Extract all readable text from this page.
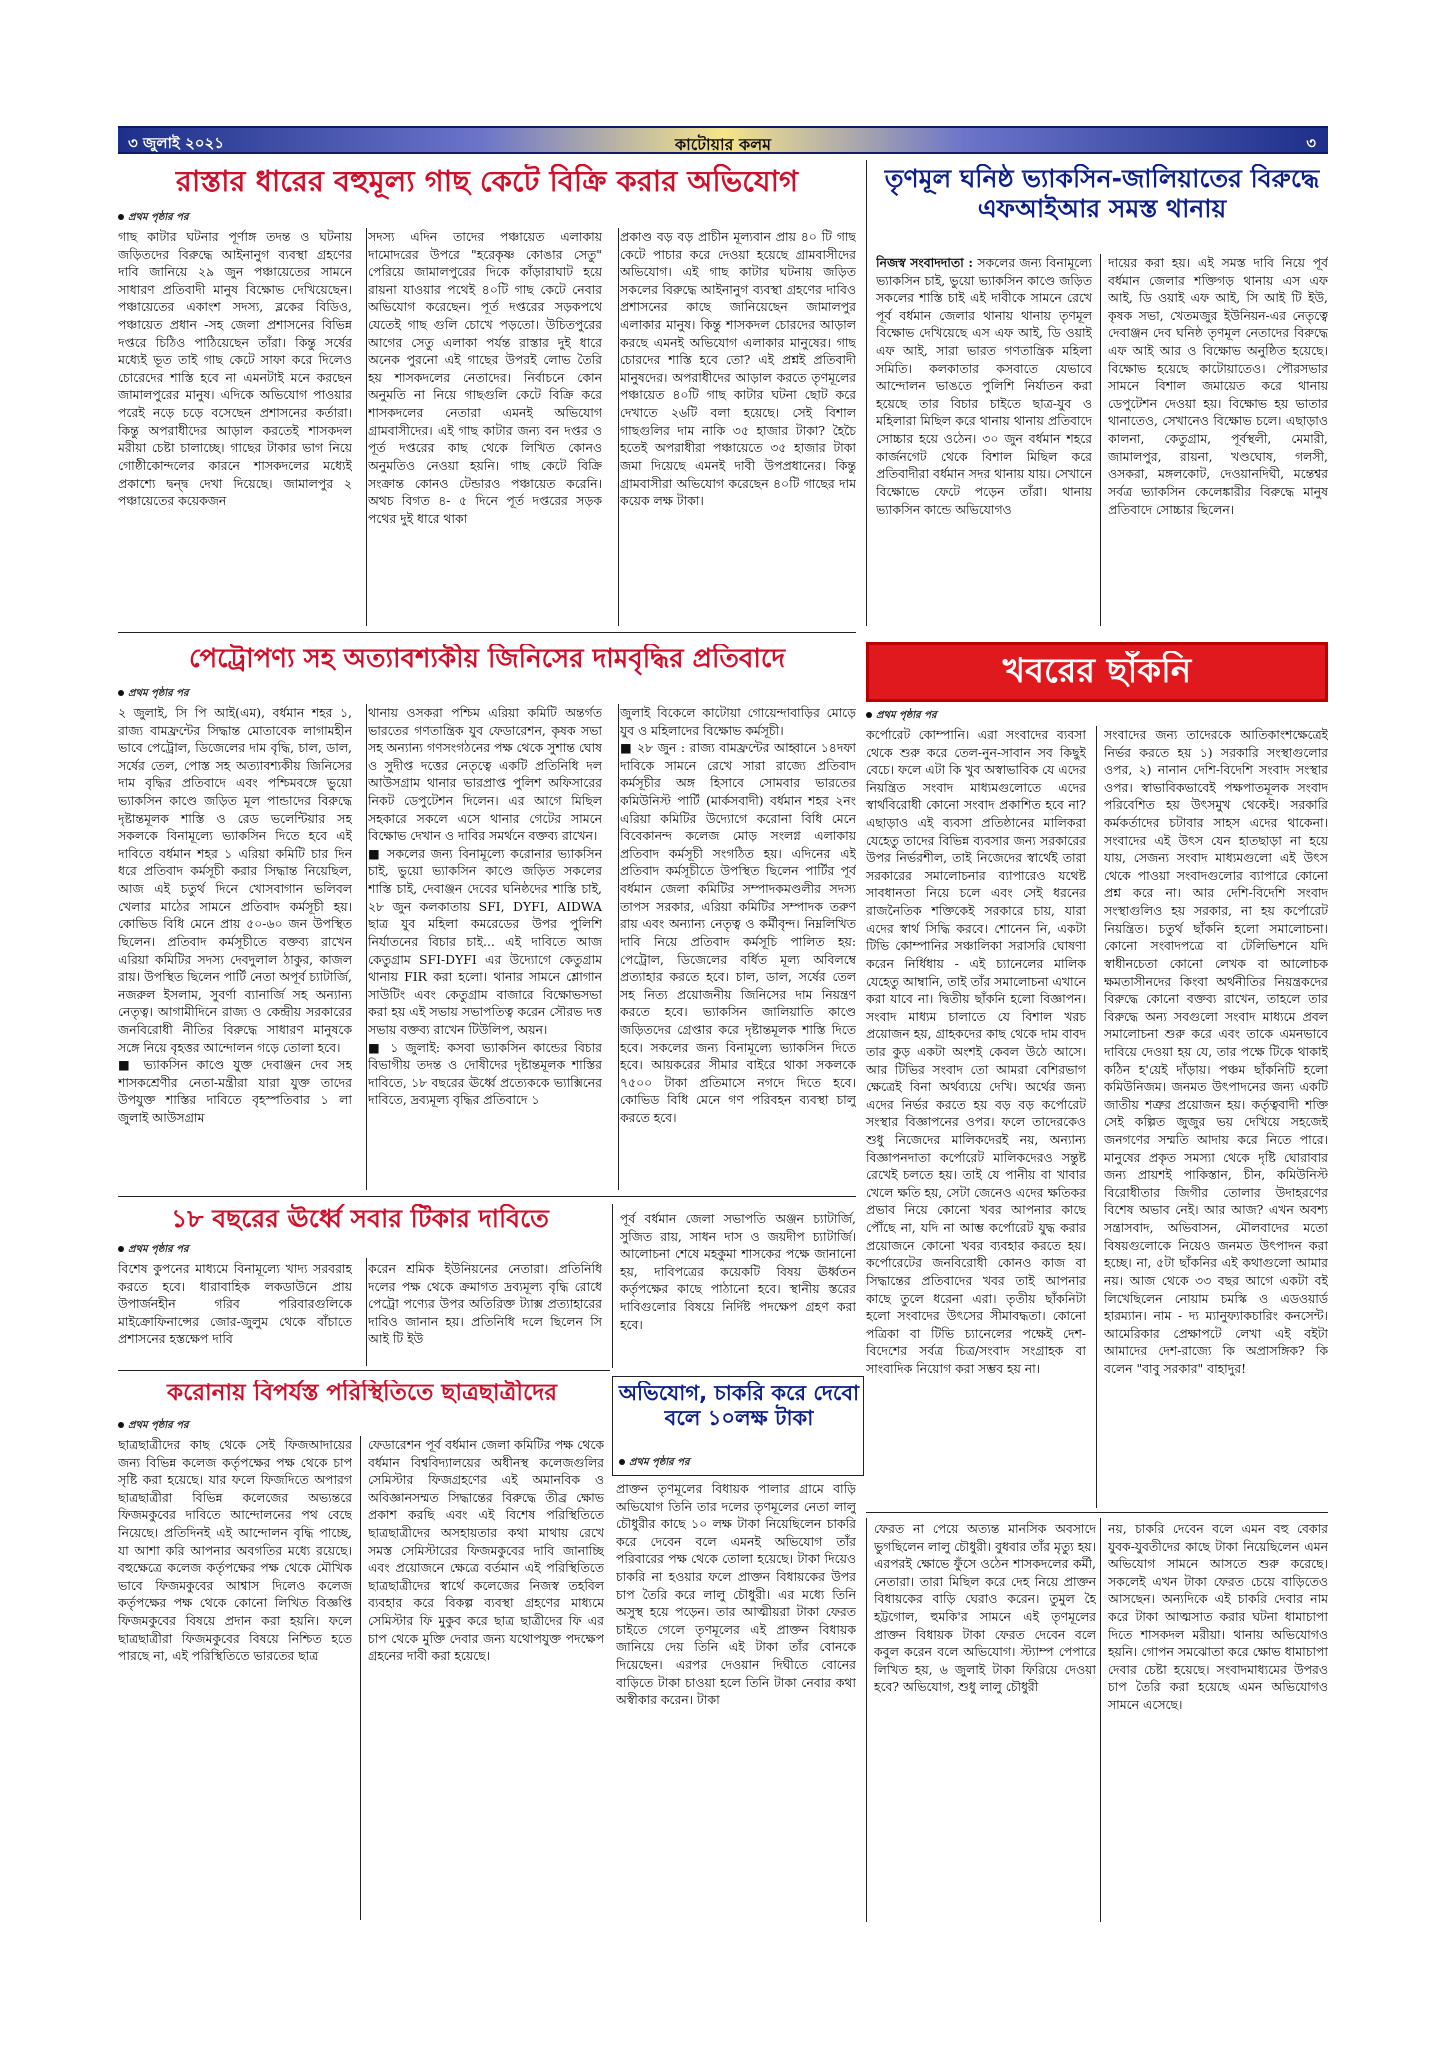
কাটোয়ার কলম
৩ জুলাই ২০২১	৩
রাস্তার ধারের বহুমূল্য গাছ কেটে বিক্রি করার অভিযোগ
প্রথম পৃষ্ঠার পর
গাছ কাটার ঘটনার পূর্ণাঙ্গ তদন্ত ও ঘটনায় জড়িতদের বিরুদ্ধে আইনানুগ ব্যবস্থা গ্রহণের দাবি জানিয়ে ২৯ জুন পঞ্চায়েতের সামনে সাধারণ প্রতিবাদী মানুষ বিক্ষোভ দেখিয়েছেন। পঞ্চায়েতের একাংশ সদস্য, ব্লকের বিডিও, পঞ্চায়েত প্রধান -সহ জেলা প্রশাসনের বিভিন্ন দপ্তরে চিঠিও পাঠিয়েছেন তাঁরা। কিন্তু সর্ষের মধ্যেই ভূত তাই গাছ কেটে সাফা করে দিলেও চোরেদের শাস্তি হবে না এমনটাই মনে করছেন জামালপুরের মানুষ। এদিকে অভিযোগ পাওয়ার পরেই নড়ে চড়ে বসেছেন প্রশাসনের কর্তারা। কিন্তু অপরাধীদের আড়াল করতেই শাসকদল মরীয়া চেষ্টা চালাচ্ছে। গাছের টাকার ভাগ নিয়ে গোষ্ঠীকোন্দলের কারনে শাসকদলের মধ্যেই প্রকাশ্যে দ্বন্দ্ব দেখা দিয়েছে। জামালপুর ২ পঞ্চায়েতের কয়েকজন
সদস্য এদিন তাদের পঞ্চায়েত এলাকায় দামোদরের উপরে "হরেকৃষ্ণ কোঙার সেতু" পেরিয়ে জামালপুরের দিকে কাঁড়ারাঘাট হয়ে রায়না যাওয়ার পথেই ৪০টি গাছ কেটে নেবার অভিযোগ করেছেন। পূর্ত দপ্তরের সড়কপথে যেতেই গাছ গুলি চোখে পড়তো। উচিতপুরের আগের সেতু এলাকা পর্যন্ত রাস্তার দুই ধারে অনেক পুরনো এই গাছের উপরই লোভ তৈরি হয় শাসকদলের নেতাদের। নির্বাচনে কোন অনুমতি না নিয়ে গাছগুলি কেটে বিক্রি করে শাসকদলের নেতারা এমনই অভিযোগ গ্রামবাসীদের। এই গাছ কাটার জন্য বন দপ্তর ও পূর্ত দপ্তরের কাছ থেকে লিখিত কোনও অনুমতিও নেওয়া হয়নি। গাছ কেটে বিক্রি সংক্রান্ত কোনও টেন্ডারও পঞ্চায়েত করেনি। অথচ বিগত ৪- ৫ দিনে পূর্ত দপ্তরের সড়ক পথের দুই ধারে থাকা
প্রকাণ্ড বড় বড় প্রাচীন মূল্যবান প্রায় ৪০ টি গাছ কেটে পাচার করে দেওয়া হয়েছে গ্রামবাসীদের অভিযোগ। এই গাছ কাটার ঘটনায় জড়িত সকলের বিরুদ্ধে আইনানুগ ব্যবস্থা গ্রহণের দাবিও প্রশাসনের কাছে জানিয়েছেন জামালপুর এলাকার মানুষ। কিন্তু শাসকদল চোরদের আড়াল করছে এমনই অভিযোগ এলাকার মানুষের। গাছ চোরদের শাস্তি হবে তো? এই প্রশ্নই প্রতিবাদী মানুষদের। অপরাধীদের আড়াল করতে তৃণমূলের পঞ্চায়েত ৪০টি গাছ কাটার ঘটনা ছোট করে দেখাতে ২৬টি বলা হয়েছে। সেই বিশাল গাছগুলির দাম নাকি ৩৫ হাজার টাকা? হৈচৈ হতেই অপরাধীরা পঞ্চায়েতে ৩৫ হাজার টাকা জমা দিয়েছে এমনই দাবী উপপ্রধানের। কিন্তু গ্রামবাসীরা অভিযোগ করেছেন ৪০টি গাছের দাম কয়েক লক্ষ টাকা।
তৃণমূল ঘনিষ্ঠ ভ্যাকসিন-জালিয়াতের বিরুদ্ধে এফআইআর সমস্ত থানায়
নিজস্ব সংবাদদাতা : সকলের জন্য বিনামূল্যে ভ্যাকসিন চাই, ভুয়ো ভ্যাকসিন কাণ্ডে জড়িত সকলের শাস্তি চাই এই দাবীকে সামনে রেখে পূর্ব বর্ধমান জেলার থানায় থানায় তৃণমূল বিক্ষোভ দেখিয়েছে এস এফ আই, ডি ওয়াই এফ আই, সারা ভারত গণতান্ত্রিক মহিলা সমিতি। কলকাতার কসবাতে যেভাবে আন্দোলন ভাঙতে পুলিশি নির্যাতন করা হয়েছে তার বিচার চাইতে ছাত্র-যুব ও মহিলারা মিছিল করে থানায় থানায় প্রতিবাদে সোচ্চার হয়ে ওঠেন। ৩০ জুন বর্ধমান শহরে কার্জনগেট থেকে বিশাল মিছিল করে প্রতিবাদীরা বর্ধমান সদর থানায় যায়। সেখানে বিক্ষোভে ফেটে পড়েন তাঁরা। থানায় ভ্যাকসিন কান্ডে অভিযোগও
দায়ের করা হয়। এই সমস্ত দাবি নিয়ে পূর্ব বর্ধমান জেলার শক্তিগড় থানায় এস এফ আই, ডি ওয়াই এফ আই, সি আই টি ইউ, কৃষক সভা, খেতমজুর ইউনিয়ন-এর নেতৃত্বে দেবাঞ্জন দেব ঘনিষ্ঠ তৃণমূল নেতাদের বিরুদ্ধে এফ আই আর ও বিক্ষোভ অনুষ্ঠিত হয়েছে। বিক্ষোভ হয়েছে কাটোয়াতেও। পৌরসভার সামনে বিশাল জমায়েত করে থানায় ডেপুটেশন দেওয়া হয়। বিক্ষোভ হয় ভাতার থানাতেও, সেখানেও বিক্ষোভ চলে। এছাড়াও কালনা, কেতুগ্রাম, পূর্বস্থলী, মেমারী, জামালপুর, রায়না, খণ্ডঘোষ, গলসী, ওসকরা, মঙ্গলকোট, দেওয়ানদিঘী, মন্তেশ্বর সর্বত্র ভ্যাকসিন কেলেঙ্কারীর বিরুদ্ধে মানুষ প্রতিবাদে সোচ্চার ছিলেন।
পেট্রোপণ্য সহ অত্যাবশ্যকীয় জিনিসের দামবৃদ্ধির প্রতিবাদে
প্রথম পৃষ্ঠার পর

২ জুলাই, সি পি আই(এম), বর্ধমান শহর ১, রাজ্য বামফ্রন্টের সিদ্ধান্ত মোতাবেক লাগামহীন ভাবে পেট্রোল, ডিজেলের দাম বৃদ্ধি, চাল, ডাল, সর্ষের তেল, পোস্ত সহ অত্যাবশ্যকীয় জিনিসের দাম বৃদ্ধির প্রতিবাদে এবং পশ্চিমবঙ্গে ভুয়ো ভ্যাকসিন কাণ্ডে জড়িত মূল পান্ডাদের বিরুদ্ধে দৃষ্টান্তমূলক শাস্তি ও রেড ভলেন্টিয়ার সহ সকলকে বিনামূল্যে ভ্যাকসিন দিতে হবে এই দাবিতে বর্ধমান শহর ১ এরিয়া কমিটি চার দিন ধরে প্রতিবাদ কর্মসূচী করার সিদ্ধান্ত নিয়েছিল, আজ এই চতুর্থ দিনে খোসবাগান ভলিবল খেলার মাঠের সামনে প্রতিবাদ কর্মসূচী হয়। কোভিড বিধি মেনে প্রায় ৫০-৬০ জন উপস্থিত ছিলেন। প্রতিবাদ কর্মসূচীতে বক্তব্য রাখেন এরিয়া কমিটির সদস্য দেবদুলাল ঠাকুর, কাজল রায়। উপস্থিত ছিলেন পার্টি নেতা অপূর্ব চ্যাটার্জি, নজরুল ইসলাম, সুবর্ণা ব্যানার্জি সহ অন্যান্য নেতৃত্ব। আগামীদিনে রাজ্য ও কেন্দ্রীয় সরকারের জনবিরোধী নীতির বিরুদ্ধে সাধারণ মানুষকে সঙ্গে নিয়ে বৃহত্তর আন্দোলন গড়ে তোলা হবে।

■ ভ্যাকসিন কাণ্ডে যুক্ত দেবাঞ্জন দেব সহ শাসকশ্রেণীর নেতা-মন্ত্রীরা যারা যুক্ত তাদের উপযুক্ত শাস্তির দাবিতে বৃহস্পতিবার ১ লা জুলাই আউসগ্রাম

থানায় ওসকরা পশ্চিম এরিয়া কমিটি অন্তর্গত ভারতের গণতান্ত্রিক যুব ফেডারেশন, কৃষক সভা সহ অন্যান্য গণসংগঠনের পক্ষ থেকে সুশান্ত ঘোষ ও সুদীপ্ত দত্তের নেতৃত্বে একটি প্রতিনিধি দল আউসগ্রাম থানার ভারপ্রাপ্ত পুলিশ অফিসারের নিকট ডেপুটেশন দিলেন। এর আগে মিছিল সহকারে সকলে এসে থানার গেটের সামনে বিক্ষোভ দেখান ও দাবির সমর্থনে বক্তব্য রাখেন।

■ সকলের জন্য বিনামূল্যে করোনার ভ্যাকসিন চাই, ভুয়ো ভ্যাকসিন কাণ্ডে জড়িত সকলের শাস্তি চাই, দেবাঞ্জন দেবের ঘনিষ্ঠদের শাস্তি চাই, ২৮ জুন কলকাতায় SFI, DYFI, AIDWA ছাত্র যুব মহিলা কমরেডের উপর পুলিশি নির্যাতনের বিচার চাই... এই দাবিতে আজ কেতুগ্রাম SFI-DYFI এর উদ্যোগে কেতুগ্রাম থানায় FIR করা হলো। থানার সামনে শ্লোগান সাউটিং এবং কেতুগ্রাম বাজারে বিক্ষোভসভা করা হয় এই সভায় সভাপতিত্ব করেন সৌরভ দত্ত সভায় বক্তব্য রাখেন টিউলিপ, অয়ন।

■ ১ জুলাই: কসবা ভ্যাকসিন কান্ডের বিচার বিভাগীয় তদন্ত ও দোষীদের দৃষ্টান্তমূলক শাস্তির দাবিতে, ১৮ বছরের ঊর্ধ্বে প্রত্যেককে ভ্যাক্সিনের দাবিতে, দ্রব্যমূল্য বৃদ্ধির প্রতিবাদে ১

জুলাই বিকেলে কাটোয়া গোয়েন্দাবাড়ির মোড়ে যুব ও মহিলাদের বিক্ষোভ কর্মসূচী।

■ ২৮ জুন : রাজ্য বামফ্রন্টের আহ্বানে ১৪দফা দাবিকে সামনে রেখে সারা রাজ্যে প্রতিবাদ কর্মসূচীর অঙ্গ হিসাবে সোমবার ভারতের কমিউনিস্ট পার্টি (মার্কসবাদী) বর্ধমান শহর ২নং এরিয়া কমিটির উদ্যোগে করোনা বিধি মেনে বিবেকানন্দ কলেজ মোড় সংলগ্ন এলাকায় প্রতিবাদ কর্মসূচী সংগঠিত হয়। এদিনের এই প্রতিবাদ কর্মসূচীতে উপস্থিত ছিলেন পার্টির পূর্ব বর্ধমান জেলা কমিটির সম্পাদকমণ্ডলীর সদস্য তাপস সরকার, এরিয়া কমিটির সম্পাদক তরুণ রায় এবং অন্যান্য নেতৃত্ব ও কর্মীবৃন্দ। নিম্নলিখিত দাবি নিয়ে প্রতিবাদ কর্মসূচি পালিত হয়: পেট্রোল, ডিজেলের বর্ধিত মূল্য অবিলম্বে প্রত্যাহার করতে হবে। চাল, ডাল, সর্ষের তেল সহ নিত্য প্রয়োজনীয় জিনিসের দাম নিয়ন্ত্রণ করতে হবে। ভ্যাকসিন জালিয়াতি কাণ্ডে জড়িতদের গ্রেপ্তার করে দৃষ্টান্তমূলক শাস্তি দিতে হবে। সকলের জন্য বিনামূল্যে ভ্যাকসিন দিতে হবে। আয়করের সীমার বাইরে থাকা সকলকে ৭৫০০ টাকা প্রতিমাসে নগদে দিতে হবে। কোভিড বিধি মেনে গণ পরিবহন ব্যবস্থা চালু করতে হবে।

১৮ বছরের ঊর্ধ্বে সবার টিকার দাবিতে
প্রথম পৃষ্ঠার পর
বিশেষ কুপনের মাধ্যমে বিনামূল্যে খাদ্য সরবরাহ করতে হবে। ধারাবাহিক লকডাউনে প্রায় উপার্জনহীন গরিব পরিবারগুলিকে মাইক্রোফিনান্সের জোর-জুলুম থেকে বাঁচাতে প্রশাসনের হস্তক্ষেপ দাবি
করেন শ্রমিক ইউনিয়নের নেতারা। প্রতিনিধি দলের পক্ষ থেকে ক্রমাগত দ্রব্যমূল্য বৃদ্ধি রোধে পেট্রো পণ্যের উপর অতিরিক্ত ট্যাক্স প্রত্যাহারের দাবিও জানান হয়। প্রতিনিধি দলে ছিলেন সি আই টি ইউ
পূর্ব বর্ধমান জেলা সভাপতি অঞ্জন চ্যাটার্জি, সুজিত রায়, সাধন দাস ও জয়দীপ চ্যাটার্জি। আলোচনা শেষে মহকুমা শাসকের পক্ষে জানানো হয়, দাবিপত্রের কয়েকটি বিষয় ঊর্ধ্বতন কর্তৃপক্ষের কাছে পাঠানো হবে। স্থানীয় স্তরের দাবিগুলোর বিষয়ে নির্দিষ্ট পদক্ষেপ গ্রহণ করা হবে।
করোনায় বিপর্যস্ত পরিস্থিতিতে ছাত্রছাত্রীদের
প্রথম পৃষ্ঠার পর
ছাত্রছাত্রীদের কাছ থেকে সেই ফিজআদায়ের জন্য বিভিন্ন কলেজ কর্তৃপক্ষের পক্ষ থেকে চাপ সৃষ্টি করা হয়েছে। যার ফলে ফিজদিতে অপারগ ছাত্রছাত্রীরা বিভিন্ন কলেজের অভ্যন্তরে ফিজমকুবের দাবিতে আন্দোলনের পথ বেছে নিয়েছে। প্রতিদিনই এই আন্দোলন বৃদ্ধি পাচ্ছে, যা আশা করি আপনার অবগতির মধ্যে রয়েছে। বহুক্ষেত্রে কলেজ কর্তৃপক্ষের পক্ষ থেকে মৌখিক ভাবে ফিজমকুবের আশ্বাস দিলেও কলেজ কর্তৃপক্ষের পক্ষ থেকে কোনো লিখিত বিজ্ঞপ্তি ফিজমকুবের বিষয়ে প্রদান করা হয়নি। ফলে ছাত্রছাত্রীরা ফিজমকুবের বিষয়ে নিশ্চিত হতে পারছে না, এই পরিস্থিতিতে ভারতের ছাত্র
ফেডারেশন পূর্ব বর্ধমান জেলা কমিটির পক্ষ থেকে বর্ধমান বিশ্ববিদ্যালয়ের অধীনস্থ কলেজগুলির সেমিস্টার ফিজগ্রহণের এই অমানবিক ও অবিজ্ঞানসম্মত সিদ্ধান্তের বিরুদ্ধে তীব্র ক্ষোভ প্রকাশ করছি এবং এই বিশেষ পরিস্থিতিতে ছাত্রছাত্রীদের অসহায়তার কথা মাথায় রেখে সমস্ত সেমিস্টারের ফিজমকুবের দাবি জানাচ্ছি এবং প্রয়োজনে ক্ষেত্রে বর্তমান এই পরিস্থিতিতে ছাত্রছাত্রীদের স্বার্থে কলেজের নিজস্ব তহবিল ব্যবহার করে বিকল্প ব্যবস্থা গ্রহণের মাধ্যমে সেমিস্টার ফি মুকুব করে ছাত্র ছাত্রীদের ফি এর চাপ থেকে মুক্তি দেবার জন্য যথোপযুক্ত পদক্ষেপ গ্রহনের দাবী করা হয়েছে।
অভিযোগ, চাকরি করে দেবো বলে ১০লক্ষ টাকা
প্রথম পৃষ্ঠার পর
প্রাক্তন তৃণমূলের বিধায়ক পালার গ্রামে বাড়ি অভিযোগ তিনি তার দলের তৃণমূলের নেতা লালু চৌধুরীর কাছে ১০ লক্ষ টাকা নিয়েছিলেন চাকরি করে দেবেন বলে এমনই অভিযোগ তাঁর পরিবারের পক্ষ থেকে তোলা হয়েছে। টাকা দিয়েও চাকরি না হওয়ার ফলে প্রাক্তন বিধায়কের উপর চাপ তৈরি করে লালু চৌধুরী। এর মধ্যে তিনি অসুস্থ হয়ে পড়েন। তার আত্মীয়রা টাকা ফেরত চাইতে গেলে তৃণমূলের এই প্রাক্তন বিধায়ক জানিয়ে দেয় তিনি এই টাকা তাঁর বোনকে দিয়েছেন। এরপর দেওয়ান দিঘীতে বোনের বাড়িতে টাকা চাওয়া হলে তিনি টাকা নেবার কথা অস্বীকার করেন। টাকা
ফেরত না পেয়ে অত্যন্ত মানসিক অবসাদে ভুগছিলেন লালু চৌধুরী। বুধবার তাঁর মৃত্যু হয়। এরপরই ক্ষোভে ফুঁসে ওঠেন শাসকদলের কর্মী, নেতারা। তারা মিছিল করে দেহ নিয়ে প্রাক্তন বিধায়কের বাড়ি ঘেরাও করেন। তুমুল হৈ হট্টগোল, হুমকি'র সামনে এই তৃণমূলের প্রাক্তন বিধায়ক টাকা ফেরত দেবেন বলে কবুল করেন বলে অভিযোগ। স্ট্যাম্প পেপারে লিখিত হয়, ৬ জুলাই টাকা ফিরিয়ে দেওয়া হবে? অভিযোগ, শুধু লালু চৌধুরী
নয়, চাকরি দেবেন বলে এমন বহু বেকার যুবক-যুবতীদের কাছে টাকা নিয়েছিলেন এমন অভিযোগ সামনে আসতে শুরু করেছে। সকলেই এখন টাকা ফেরত চেয়ে বাড়িতেও আসছেন। অন্যদিকে এই চাকরি দেবার নাম করে টাকা আত্মসাত করার ঘটনা ধামাচাপা দিতে শাসকদল মরীয়া। থানায় অভিযোগও হয়নি। গোপন সমঝোতা করে ক্ষোভ ধামাচাপা দেবার চেষ্টা হয়েছে। সংবাদমাধ্যমের উপরও চাপ তৈরি করা হয়েছে এমন অভিযোগও সামনে এসেছে।
খবরের ছাঁকনি
প্রথম পৃষ্ঠার পর
কর্পোরেট কোম্পানি। এরা সংবাদের ব্যবসা থেকে শুরু করে তেল-নুন-সাবান সব কিছুই বেচে। ফলে এটা কি খুব অস্বাভাবিক যে এদের নিয়ন্ত্রিত সংবাদ মাধ্যমগুলোতে এদের স্বার্থবিরোধী কোনো সংবাদ প্রকাশিত হবে না? এছাড়াও এই ব্যবসা প্রতিষ্ঠানের মালিকরা যেহেতু তাদের বিভিন্ন ব্যবসার জন্য সরকারের উপর নির্ভরশীল, তাই নিজেদের স্বার্থেই তারা সরকারের সমালোচনার ব্যাপারেও যথেষ্ট সাবধানতা নিয়ে চলে এবং সেই ধরনের রাজনৈতিক শক্তিকেই সরকারে চায়, যারা এদের স্বার্থ সিদ্ধি করবে। শোনেন নি, একটা টিভি কোম্পানির সঞ্চালিকা সরাসরি ঘোষণা করেন নির্ধিধায় - এই চ্যানেলের মালিক যেহেতু আম্বানি, তাই তাঁর সমালোচনা এখানে করা যাবে না। দ্বিতীয় ছাঁকনি হলো বিজ্ঞাপন। সংবাদ মাধ্যম চালাতে যে বিশাল খরচ প্রয়োজন হয়, গ্রাহকদের কাছ থেকে দাম বাবদ তার কুড় একটা অংশই কেবল উঠে আসে। আর টিভির সংবাদ তো আমরা বেশিরভাগ ক্ষেত্রেই বিনা অর্থব্যয়ে দেখি। অর্থের জন্য এদের নির্ভর করতে হয় বড় বড় কর্পোরেট সংস্থার বিজ্ঞাপনের ওপর। ফলে তাদেরকেও শুধু নিজেদের মালিকদেরই নয়, অন্যান্য বিজ্ঞাপনদাতা কর্পোরেট মালিকদেরও সন্তুষ্ট রেখেই চলতে হয়। তাই যে পানীয় বা খাবার খেলে ক্ষতি হয়, সেটা জেনেও এদের ক্ষতিকর প্রভাব নিয়ে কোনো খবর আপনার কাছে পৌঁছে না, যদি না আম্ভ কর্পোরেট যুদ্ধ করার প্রয়োজনে কোনো খবর ব্যবহার করতে হয়। কর্পোরেটের জনবিরোধী কোনও কাজ বা সিদ্ধান্তের প্রতিবাদের খবর তাই আপনার কাছে তুলে ধরেনা এরা। তৃতীয় ছাঁকনিটা হলো সংবাদের উৎসের সীমাবদ্ধতা। কোনো পত্রিকা বা টিভি চ্যানেলের পক্ষেই দেশ-বিদেশের সর্বত্র চিত্র/সংবাদ সংগ্রাহক বা সাংবাদিক নিয়োগ করা সম্ভব হয় না।
সংবাদের জন্য তাদেরকে আতিকাংশক্ষেত্রেই নির্ভর করতে হয় ১) সরকারি সংস্থাগুলোর ওপর, ২) নানান দেশি-বিদেশি সংবাদ সংস্থার ওপর। স্বাভাবিকভাবেই পক্ষপাতমূলক সংবাদ পরিবেশিত হয় উৎসমুখ থেকেই। সরকারি কর্মকর্তাদের চটাবার সাহস এদের থাকেনা। সংবাদের এই উৎস যেন হাতছাড়া না হয়ে যায়, সেজন্য সংবাদ মাধ্যমগুলো এই উৎস থেকে পাওয়া সংবাদগুলোর ব্যাপারে কোনো প্রশ্ন করে না। আর দেশি-বিদেশি সংবাদ সংস্থাগুলিও হয় সরকার, না হয় কর্পোরেট নিয়ন্ত্রিত। চতুর্থ ছাঁকনি হলো সমালোচনা। কোনো সংবাদপত্রে বা টেলিভিশনে যদি স্বাধীনচেতা কোনো লেখক বা আলোচক ক্ষমতাসীনদের কিংবা অর্থনীতির নিয়ন্ত্রকদের বিরুদ্ধে কোনো বক্তব্য রাখেন, তাহলে তার বিরুদ্ধে অন্য সবগুলো সংবাদ মাধ্যমে প্রবল সমালোচনা শুরু করে এবং তাকে এমনভাবে দাবিয়ে দেওয়া হয় যে, তার পক্ষে টিকে থাকাই কঠিন হ'য়েই দাঁড়ায়। পঞ্চম ছাঁকনিটি হলো কমিউনিজম। জনমত উৎপাদনের জন্য একটি জাতীয় শত্রুর প্রয়োজন হয়। কর্তৃত্ববাদী শক্তি সেই কল্পিত জুজুর ভয় দেখিয়ে সহজেই জনগণের সম্মতি আদায় করে নিতে পারে। মানুষের প্রকৃত সমস্যা থেকে দৃষ্টি ঘোরাবার জন্য প্রায়শই পাকিস্তান, চীন, কমিউনিস্ট বিরোধীতার জিগীর তোলার উদাহরণের বিশেষ অভাব নেই। আর আজ? এখন অবশ্য সন্ত্রাসবাদ, অভিবাসন, মৌলবাদের মতো বিষয়গুলোকে নিয়েও জনমত উৎপাদন করা হচ্ছে। না, ৫টা ছাঁকনির এই কথাগুলো আমার নয়। আজ থেকে ৩৩ বছর আগে একটা বই লিখেছিলেন নোয়াম চমস্কি ও এডওয়ার্ড হারম্যান। নাম - দ্য ম্যানুফ্যাকচারিং কনসেন্ট। আমেরিকার প্রেক্ষাপটে লেখা এই বইটা আমাদের দেশ-রাজ্যে কি অপ্রাসঙ্গিক? কি বলেন "বাবু সরকার" বাহাদুর!
